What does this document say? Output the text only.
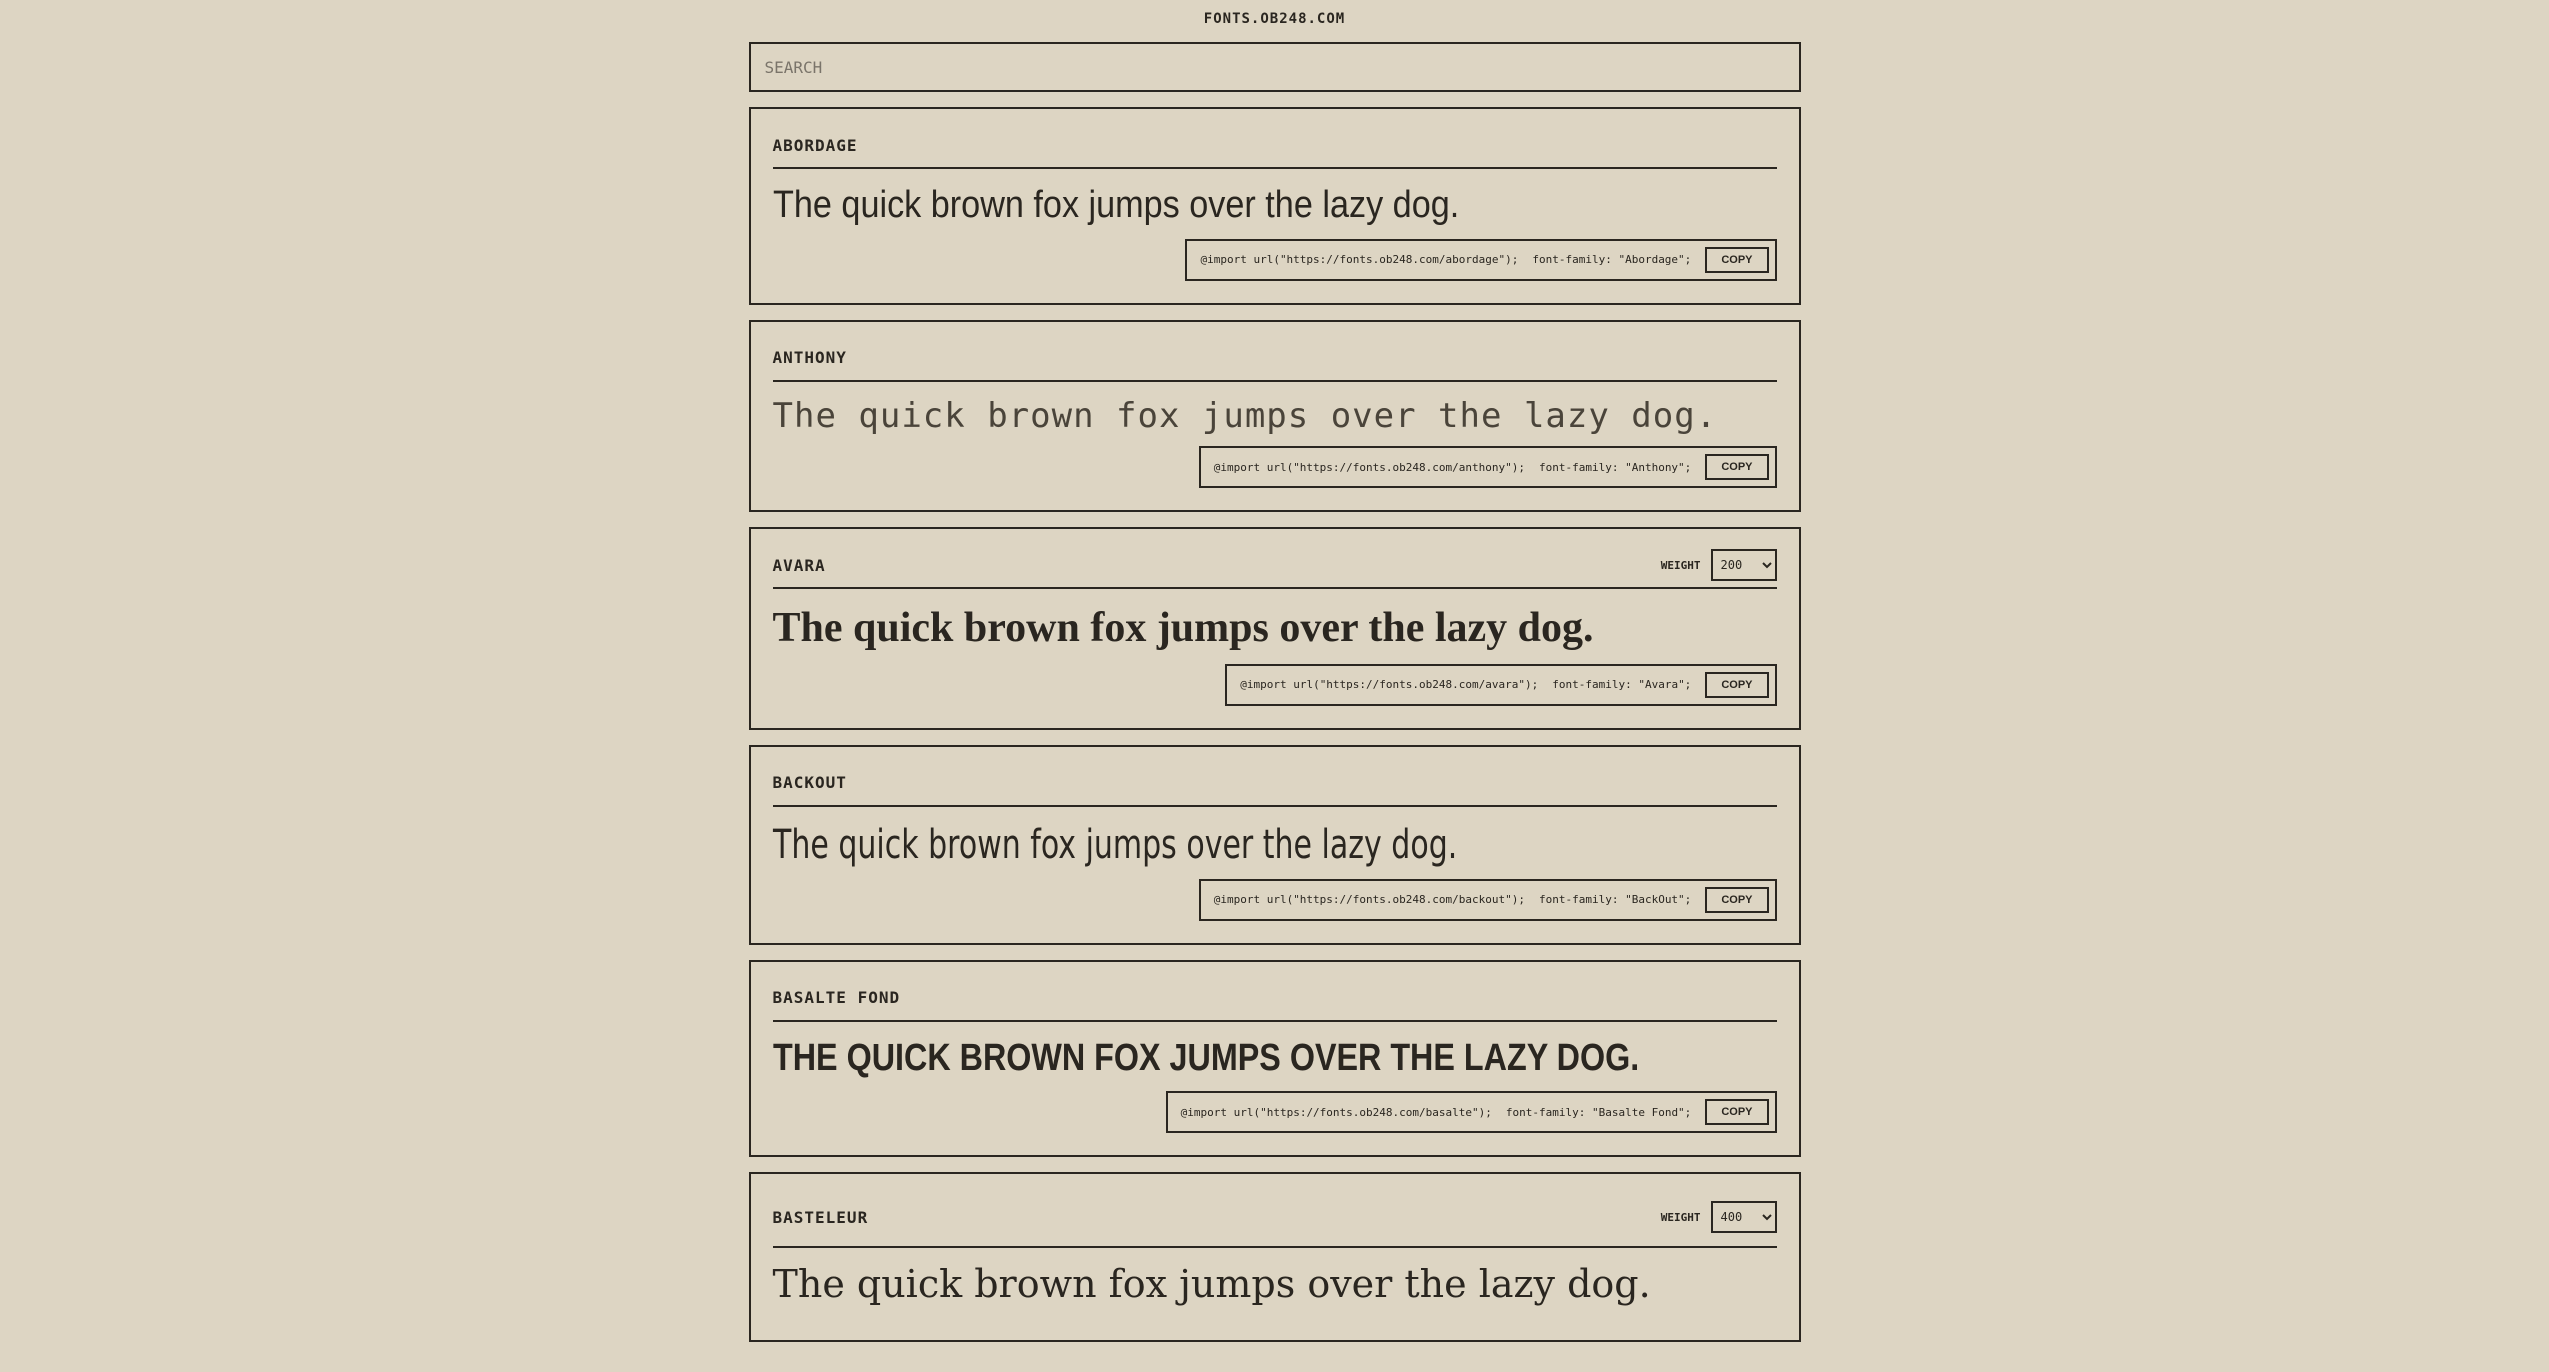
FONTS.OB248.COM
SEARCH
ABORDAGE
The quick brown fox jumps over the lazy dog.
@import url("https://fonts.ob248.com/abordage"); font-family: "Abordage";	COPY
ANTHONY
The quick brown fox jumps over the lazy dog.
@import url("https://fonts.ob248.com/anthony"); font-family: "Anthony";	COPY
AVARA	WEIGHT
200
The quick brown fox jumps over the lazy dog.
@import url("https://fonts.ob248.com/avara"); font-family: "Avara";	COPY
BACKOUT
The quick brown fox jumps over the lazy dog.
@import url("https://fonts.ob248.com/backout"); font-family: "BackOut";	COPY
BASALTE FOND
THE QUICK BROWN FOX JUMPS OVER THE LAZY DOG.
@import url("https://fonts.ob248.com/basalte"); font-family: "Basalte Fond";	COPY
BASTELEUR	WEIGHT
400
The quick brown fox jumps over the lazy dog.
